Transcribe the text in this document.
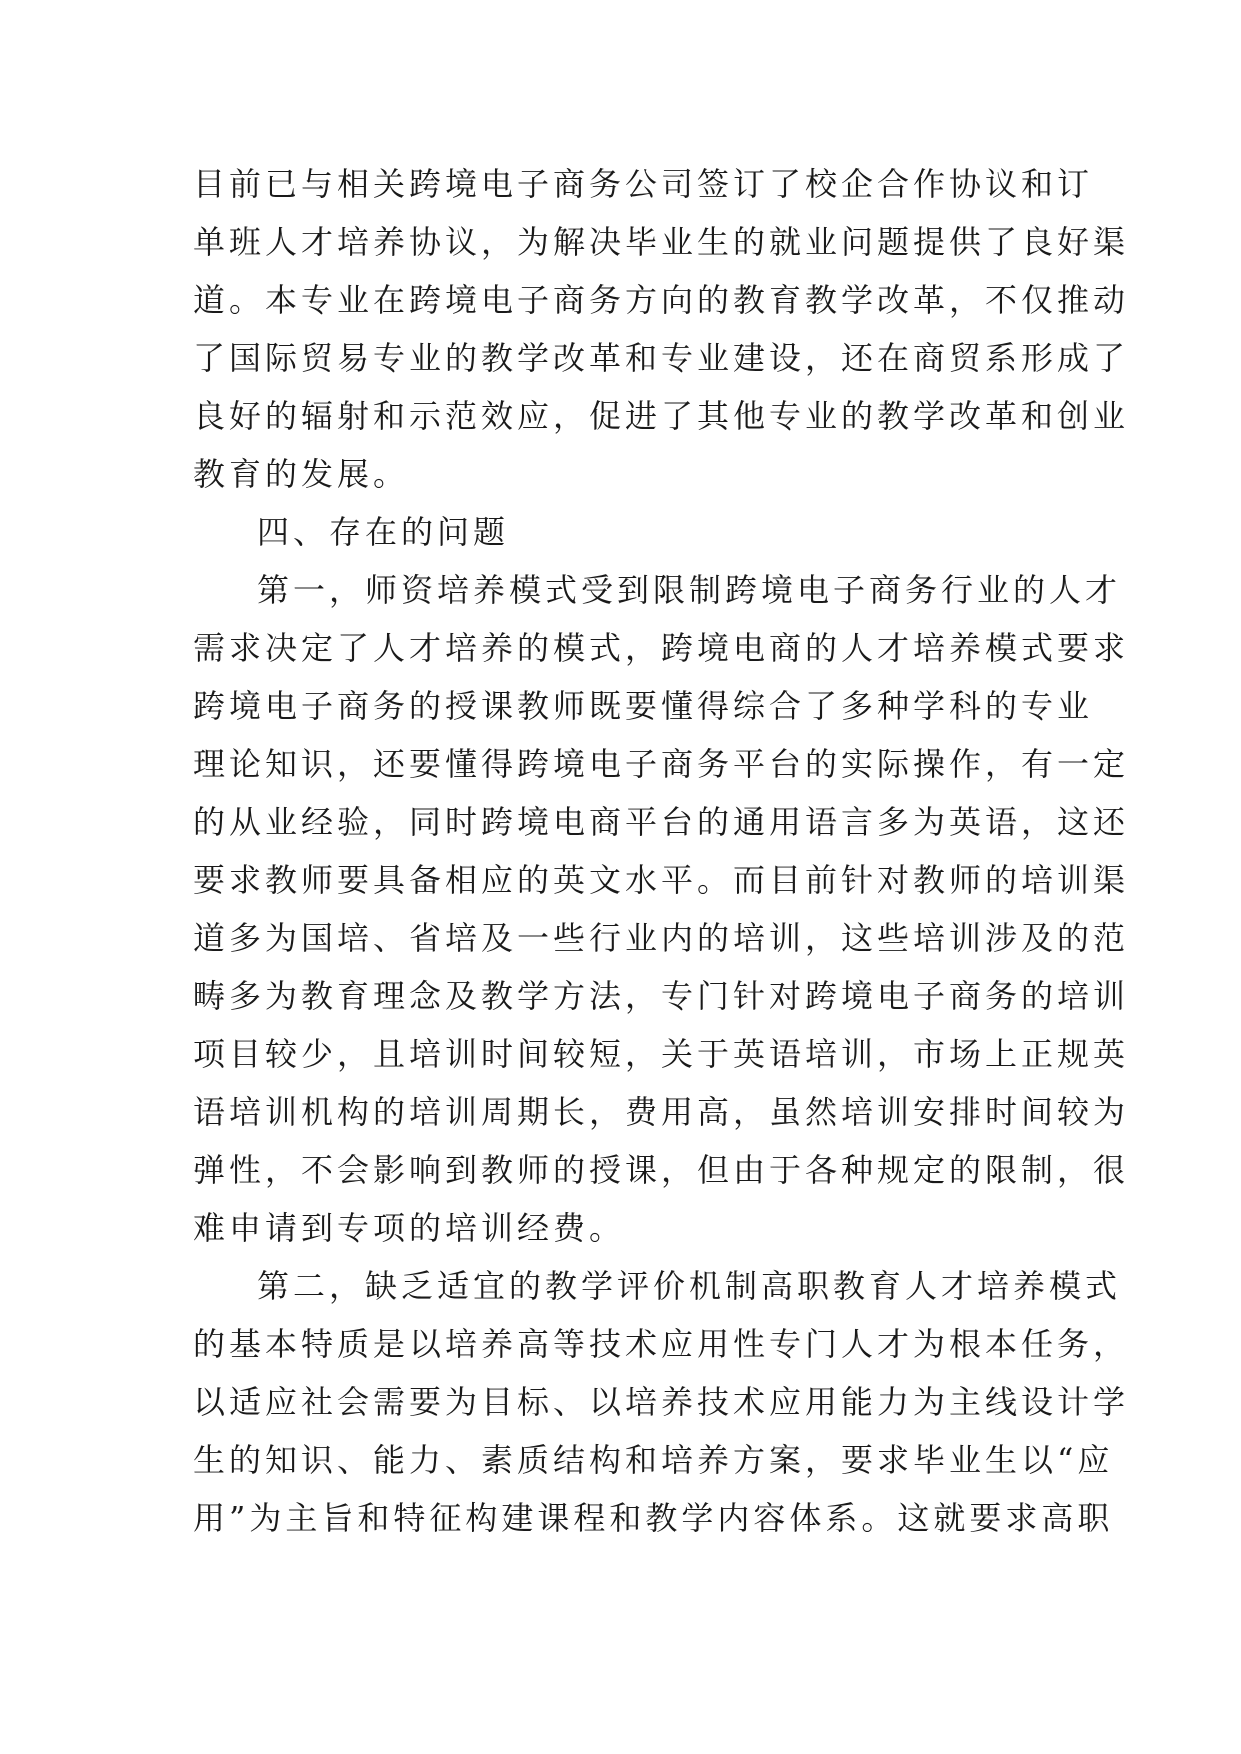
目前已与相关跨境电子商务公司签订了校企合作协议和订
单班人才培养协议，为解决毕业生的就业问题提供了良好渠
道。本专业在跨境电子商务方向的教育教学改革，不仅推动
了国际贸易专业的教学改革和专业建设，还在商贸系形成了
良好的辐射和示范效应，促进了其他专业的教学改革和创业
教育的发展。
四、存在的问题
第一，师资培养模式受到限制跨境电子商务行业的人才
需求决定了人才培养的模式，跨境电商的人才培养模式要求
跨境电子商务的授课教师既要懂得综合了多种学科的专业
理论知识，还要懂得跨境电子商务平台的实际操作，有一定
的从业经验，同时跨境电商平台的通用语言多为英语，这还
要求教师要具备相应的英文水平。而目前针对教师的培训渠
道多为国培、省培及一些行业内的培训，这些培训涉及的范
畴多为教育理念及教学方法，专门针对跨境电子商务的培训
项目较少，且培训时间较短，关于英语培训，市场上正规英
语培训机构的培训周期长，费用高，虽然培训安排时间较为
弹性，不会影响到教师的授课，但由于各种规定的限制，很
难申请到专项的培训经费。
第二，缺乏适宜的教学评价机制高职教育人才培养模式
的基本特质是以培养高等技术应用性专门人才为根本任务，
以适应社会需要为目标、以培养技术应用能力为主线设计学
生的知识、能力、素质结构和培养方案，要求毕业生以“应
用”为主旨和特征构建课程和教学内容体系。这就要求高职
